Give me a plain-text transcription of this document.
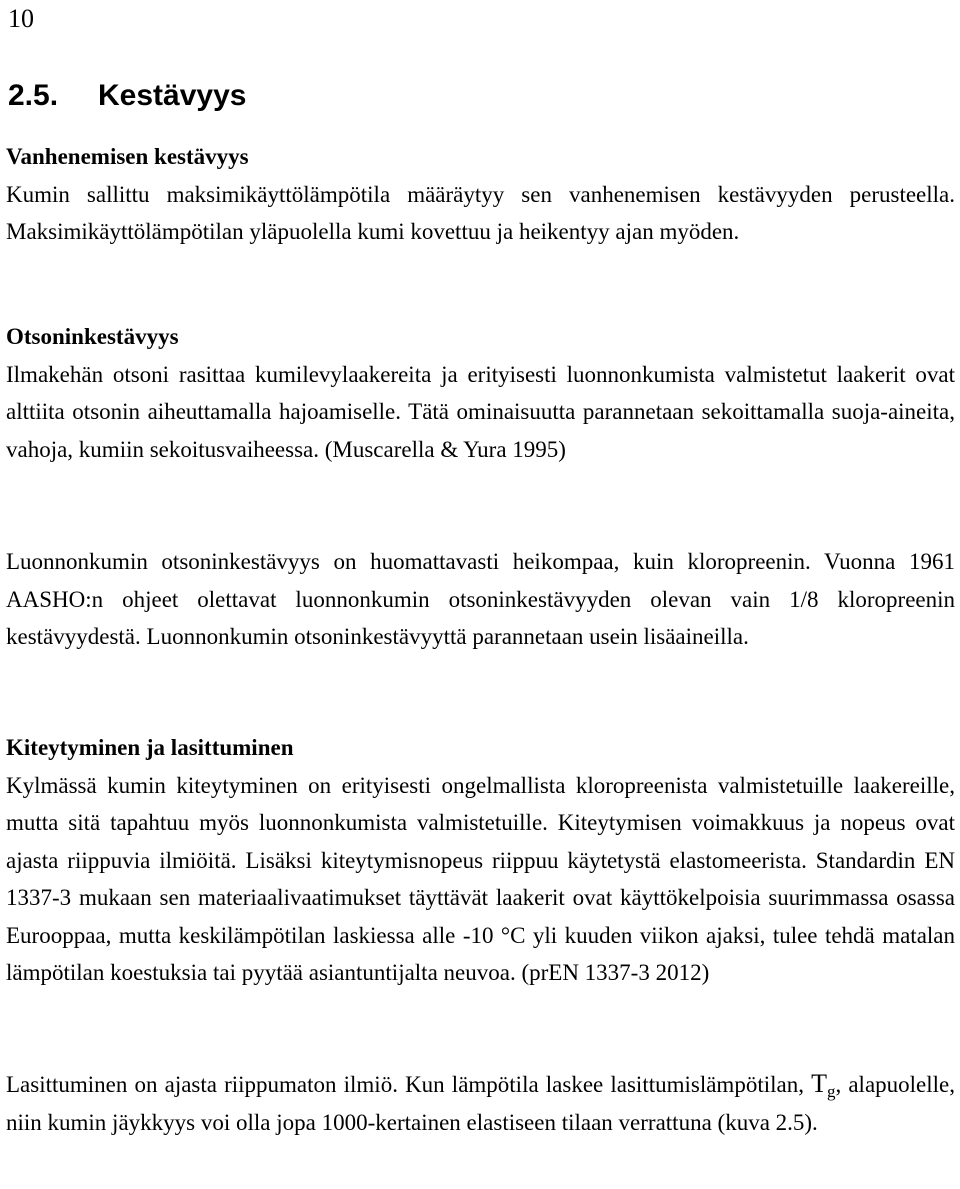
10
2.5. Kestävyys
Vanhenemisen kestävyys
Kumin sallittu maksimikäyttölämpötila määräytyy sen vanhenemisen kestävyyden perusteella. Maksimikäyttölämpötilan yläpuolella kumi kovettuu ja heikentyy ajan myöden.
Otsoninkestävyys
Ilmakehän otsoni rasittaa kumilevylaakereita ja erityisesti luonnonkumista valmistetut laakerit ovat alttiita otsonin aiheuttamalla hajoamiselle. Tätä ominaisuutta parannetaan sekoittamalla suoja-aineita, vahoja, kumiin sekoitusvaiheessa. (Muscarella & Yura 1995)
Luonnonkumin otsoninkestävyys on huomattavasti heikompaa, kuin kloropreenin. Vuonna 1961 AASHO:n ohjeet olettavat luonnonkumin otsoninkestävyyden olevan vain 1/8 kloropreenin kestävyydestä. Luonnonkumin otsoninkestävyyttä parannetaan usein lisäaineilla.
Kiteytyminen ja lasittuminen
Kylmässä kumin kiteytyminen on erityisesti ongelmallista kloropreenista valmistetuille laakereille, mutta sitä tapahtuu myös luonnonkumista valmistetuille. Kiteytymisen voimakkuus ja nopeus ovat ajasta riippuvia ilmiöitä. Lisäksi kiteytymisnopeus riippuu käytetystä elastomeerista. Standardin EN 1337-3 mukaan sen materiaalivaatimukset täyttävät laakerit ovat käyttökelpoisia suurimmassa osassa Eurooppaa, mutta keskilämpötilan laskiessa alle -10 °C yli kuuden viikon ajaksi, tulee tehdä matalan lämpötilan koestuksia tai pyytää asiantuntijalta neuvoa. (prEN 1337-3 2012)
Lasittuminen on ajasta riippumaton ilmiö. Kun lämpötila laskee lasittumislämpötilan, $T_g$, alapuolelle, niin kumin jäykkyys voi olla jopa 1000-kertainen elastiseen tilaan verrattuna (kuva 2.5).
